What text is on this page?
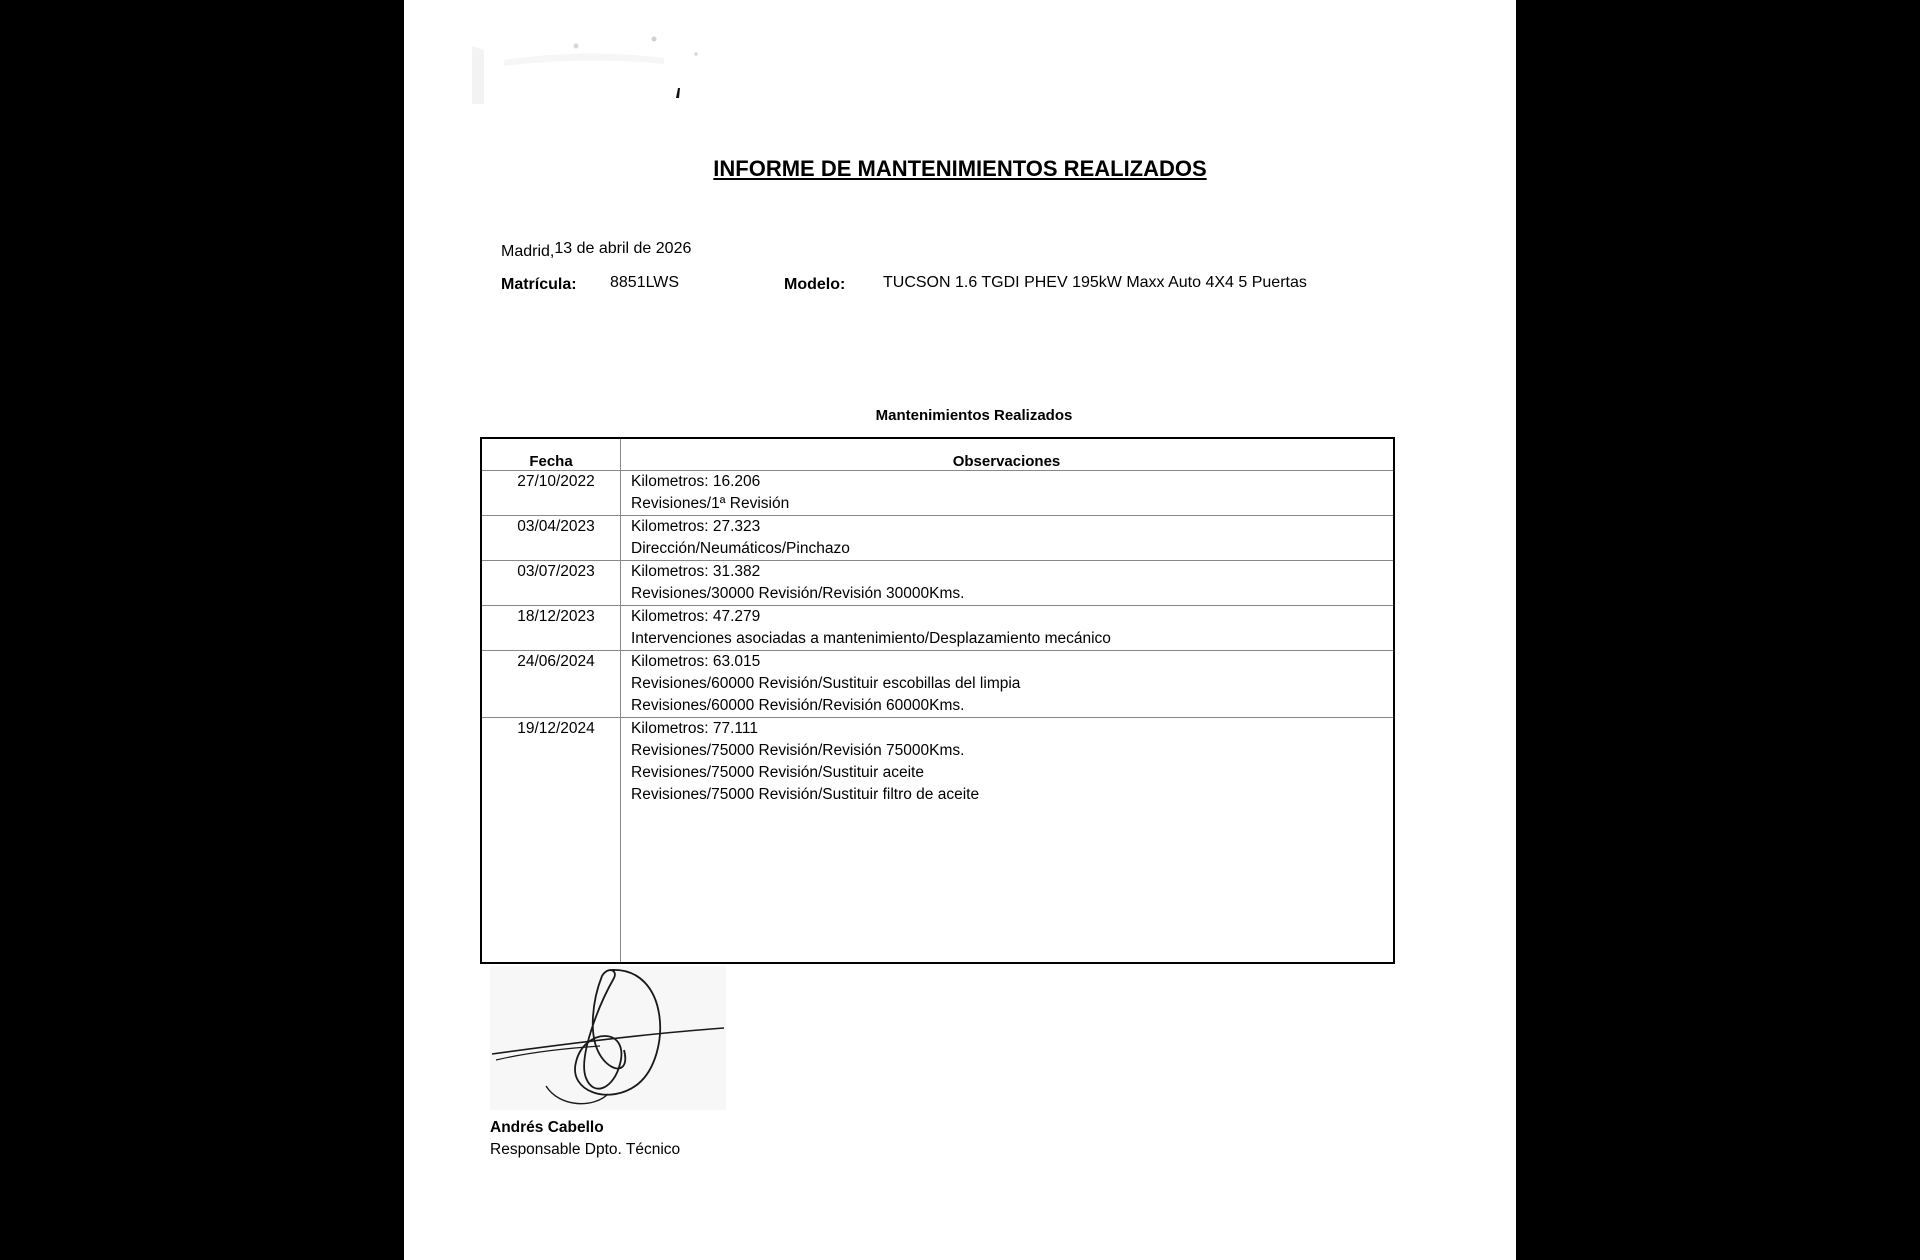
INFORME DE MANTENIMIENTOS REALIZADOS
Madrid,13 de abril de 2026
Matrícula: 8851LWS	Modelo: TUCSON 1.6 TGDI PHEV 195kW Maxx Auto 4X4 5 Puertas
Mantenimientos Realizados
Fecha	Observaciones
27/10/2022	Kilometros: 16.206
Revisiones/1ª Revisión
03/04/2023	Kilometros: 27.323
Dirección/Neumáticos/Pinchazo
03/07/2023	Kilometros: 31.382
Revisiones/30000 Revisión/Revisión 30000Kms.
18/12/2023	Kilometros: 47.279
Intervenciones asociadas a mantenimiento/Desplazamiento mecánico
24/06/2024	Kilometros: 63.015
Revisiones/60000 Revisión/Sustituir escobillas del limpia
Revisiones/60000 Revisión/Revisión 60000Kms.
19/12/2024	Kilometros: 77.111
Revisiones/75000 Revisión/Revisión 75000Kms.
Revisiones/75000 Revisión/Sustituir aceite
Revisiones/75000 Revisión/Sustituir filtro de aceite
Andrés Cabello
Responsable Dpto. Técnico
